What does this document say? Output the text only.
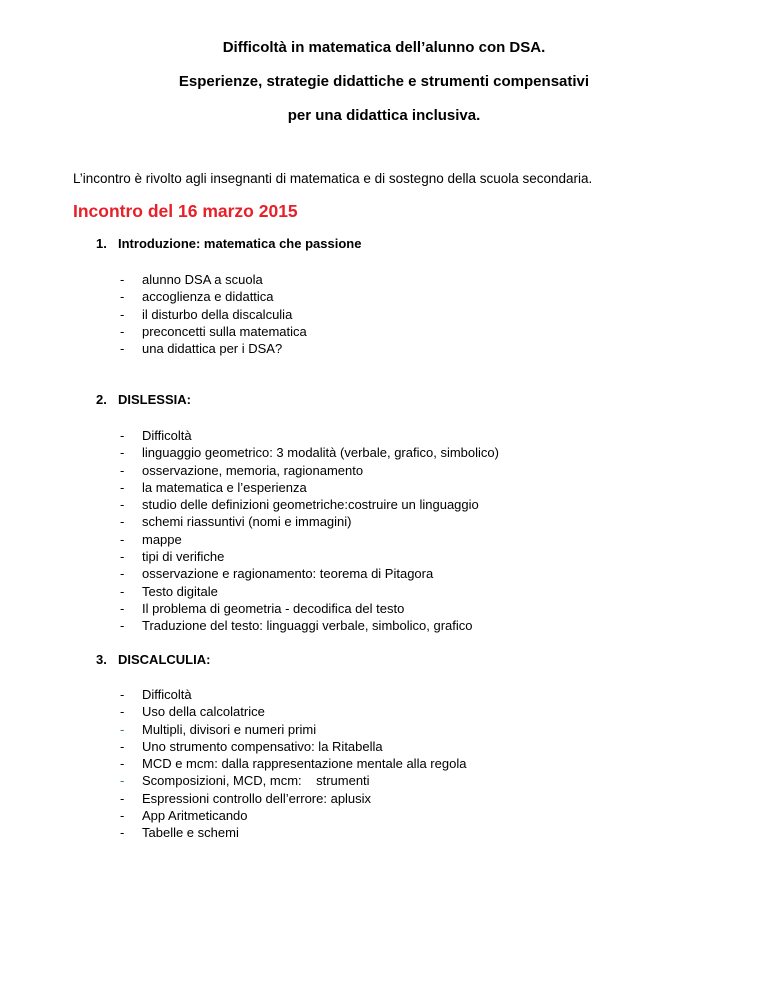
Difficoltà in matematica dell’alunno con DSA.
Esperienze, strategie didattiche e strumenti compensativi
per una didattica inclusiva.
L’incontro è rivolto agli insegnanti di matematica e di sostegno della scuola secondaria.
Incontro del 16 marzo 2015
1. Introduzione: matematica che passione
- alunno DSA a scuola
- accoglienza e didattica
- il disturbo della discalculia
- preconcetti sulla matematica
- una didattica per i DSA?
2. DISLESSIA:
- Difficoltà
- linguaggio geometrico: 3 modalità (verbale, grafico, simbolico)
- osservazione, memoria, ragionamento
- la matematica e l’esperienza
- studio delle definizioni geometriche:costruire un linguaggio
- schemi riassuntivi (nomi e immagini)
- mappe
- tipi di verifiche
- osservazione e ragionamento: teorema di Pitagora
- Testo digitale
- Il problema di geometria - decodifica del testo
- Traduzione del testo: linguaggi verbale, simbolico, grafico
3. DISCALCULIA:
- Difficoltà
- Uso della calcolatrice
- Multipli, divisori e numeri primi
- Uno strumento compensativo: la Ritabella
- MCD e mcm: dalla rappresentazione mentale alla regola
- Scomposizioni, MCD, mcm:    strumenti
- Espressioni controllo dell’errore: aplusix
- App Aritmeticando
- Tabelle e schemi
